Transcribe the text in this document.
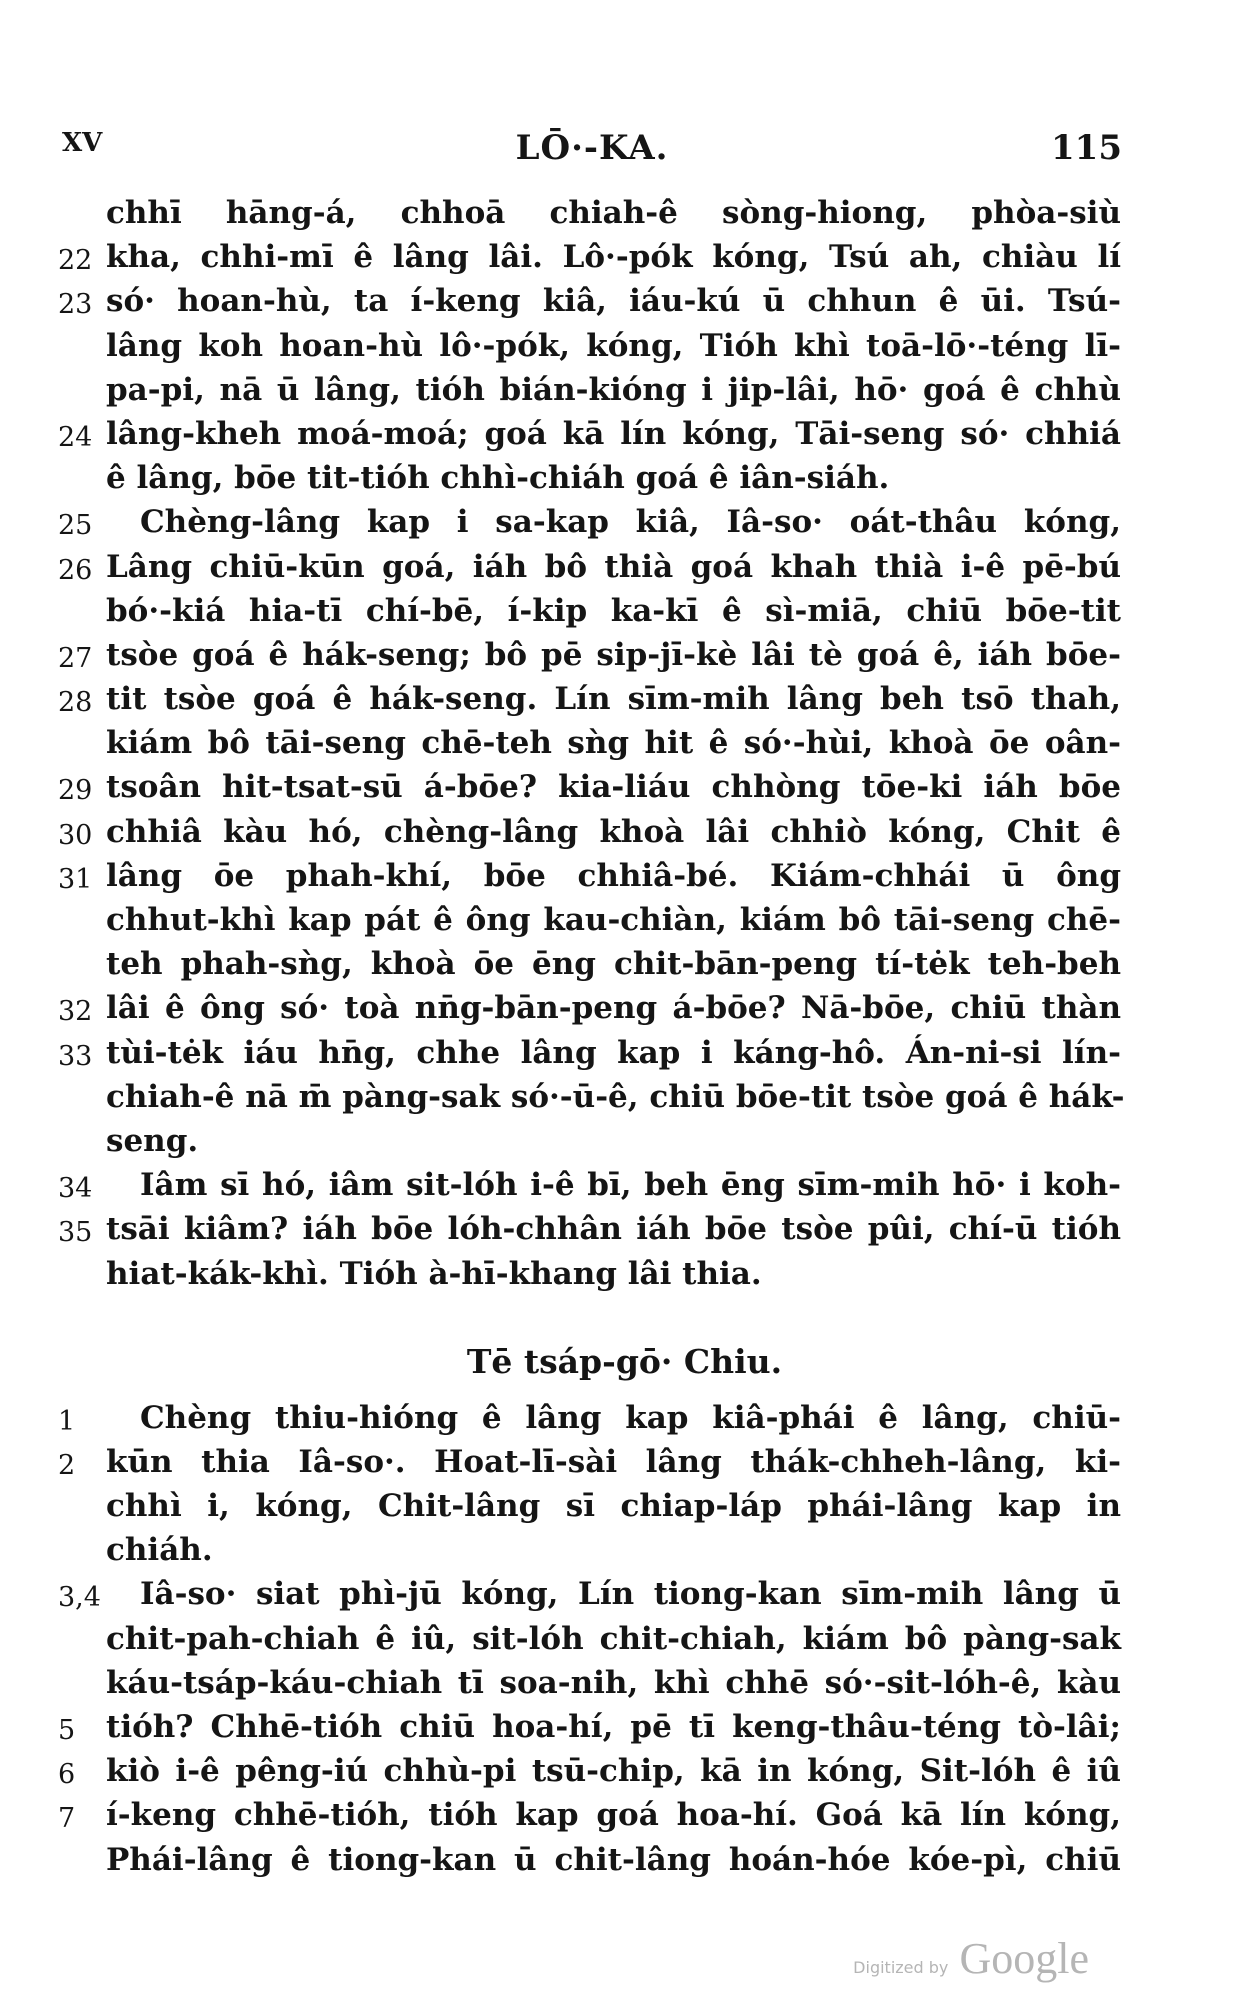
XV	LŌ·-KA.	115
chhī hāng-á, chhoā chiah-ê sòng-hiong, phòa-siù
22 kha, chhi-mī ê lâng lâi. Lô·-pók kóng, Tsú ah, chiàu lí
23 só· hoan-hù, ta í-keng kiâ, iáu-kú ū chhun ê ūi. Tsú-
lâng koh hoan-hù lô·-pók, kóng, Tióh khì toā-lō·-téng lī-
pa-pi, nā ū lâng, tióh bián-kióng i jip-lâi, hō· goá ê chhù
24 lâng-kheh moá-moá; goá kā lín kóng, Tāi-seng só· chhiá
ê lâng, bōe tit-tióh chhì-chiáh goá ê iân-siáh.
25	Chèng-lâng kap i sa-kap kiâ, Iâ-so· oát-thâu kóng,
26 Lâng chiū-kūn goá, iáh bô thià goá khah thià i-ê pē-bú
bó·-kiá hia-tī chí-bē, í-kip ka-kī ê sì-miā, chiū bōe-tit
27 tsòe goá ê hák-seng; bô pē sip-jī-kè lâi tè goá ê, iáh bōe-
28 tit tsòe goá ê hák-seng. Lín sīm-mih lâng beh tsō thah,
kiám bô tāi-seng chē-teh sǹg hit ê só·-hùi, khoà ōe oân-
29 tsoân hit-tsat-sū á-bōe? kia-liáu chhòng tōe-ki iáh bōe
30 chhiâ kàu hó, chèng-lâng khoà lâi chhiò kóng, Chit ê
31 lâng ōe phah-khí, bōe chhiâ-bé. Kiám-chhái ū ông
chhut-khì kap pát ê ông kau-chiàn, kiám bô tāi-seng chē-
teh phah-sǹg, khoà ōe ēng chit-bān-peng tí-tėk teh-beh
32 lâi ê ông só· toà nn̄g-bān-peng á-bōe? Nā-bōe, chiū thàn
33 tùi-tėk iáu hn̄g, chhe lâng kap i káng-hô. Án-ni-si lín-
chiah-ê nā m̄ pàng-sak só·-ū-ê, chiū bōe-tit tsòe goá ê hák-
seng.
34	Iâm sī hó, iâm sit-lóh i-ê bī, beh ēng sīm-mih hō· i koh-
35 tsāi kiâm? iáh bōe lóh-chhân iáh bōe tsòe pûi, chí-ū tióh
hiat-kák-khì. Tióh à-hī-khang lâi thia.
Tē tsáp-gō· Chiu.
1	Chèng thiu-hióng ê lâng kap kiâ-phái ê lâng, chiū-
2 kūn thia Iâ-so·. Hoat-lī-sài lâng thák-chheh-lâng, ki-
chhì i, kóng, Chit-lâng sī chiap-láp phái-lâng kap in
chiáh.
3,4 Iâ-so· siat phì-jū kóng, Lín tiong-kan sīm-mih lâng ū
chit-pah-chiah ê iû, sit-lóh chit-chiah, kiám bô pàng-sak
káu-tsáp-káu-chiah tī soa-nih, khì chhē só·-sit-lóh-ê, kàu
5 tióh? Chhē-tióh chiū hoa-hí, pē tī keng-thâu-téng tò-lâi;
6 kiò i-ê pêng-iú chhù-pi tsū-chip, kā in kóng, Sit-lóh ê iû
7 í-keng chhē-tióh, tióh kap goá hoa-hí. Goá kā lín kóng,
Phái-lâng ê tiong-kan ū chit-lâng hoán-hóe kóe-pì, chiū
Digitized by Google
